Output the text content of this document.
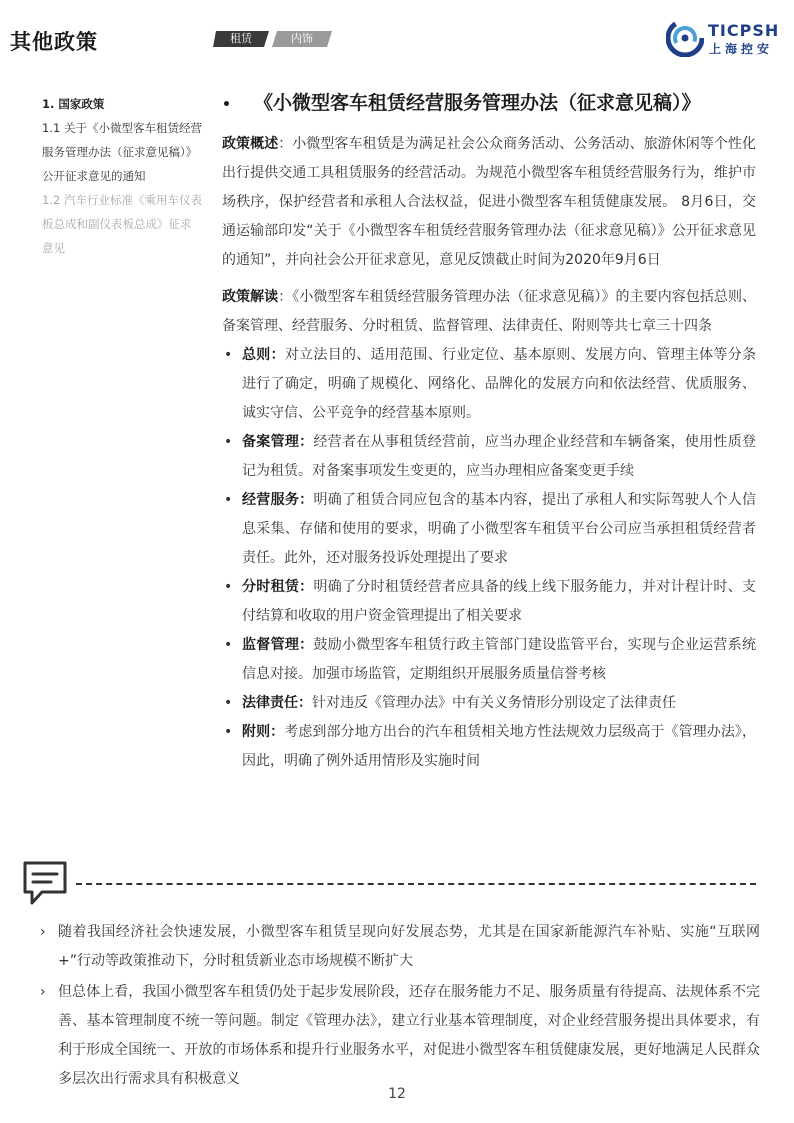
其他政策	租赁	内饰	TICPSH
上海控安
1. 国家政策
1.1 关于《小微型客车租赁经营服务管理办法（征求意见稿）》公开征求意见的通知
1.2 汽车行业标准《乘用车仪表板总成和副仪表板总成》征求意见
• 《小微型客车租赁经营服务管理办法（征求意见稿）》
政策概述：小微型客车租赁是为满足社会公众商务活动、公务活动、旅游休闲等个性化出行提供交通工具租赁服务的经营活动。为规范小微型客车租赁经营服务行为，维护市场秩序，保护经营者和承租人合法权益，促进小微型客车租赁健康发展。 8月6日，交通运输部印发“关于《小微型客车租赁经营服务管理办法（征求意见稿）》公开征求意见的通知”，并向社会公开征求意见，意见反馈截止时间为2020年9月6日
政策解读：《小微型客车租赁经营服务管理办法（征求意见稿）》的主要内容包括总则、备案管理、经营服务、分时租赁、监督管理、法律责任、附则等共七章三十四条
• 总则：对立法目的、适用范围、行业定位、基本原则、发展方向、管理主体等分条进行了确定，明确了规模化、网络化、品牌化的发展方向和依法经营、优质服务、诚实守信、公平竞争的经营基本原则。
• 备案管理：经营者在从事租赁经营前，应当办理企业经营和车辆备案，使用性质登记为租赁。对备案事项发生变更的，应当办理相应备案变更手续
• 经营服务：明确了租赁合同应包含的基本内容，提出了承租人和实际驾驶人个人信息采集、存储和使用的要求，明确了小微型客车租赁平台公司应当承担租赁经营者责任。此外，还对服务投诉处理提出了要求
• 分时租赁：明确了分时租赁经营者应具备的线上线下服务能力，并对计程计时、支付结算和收取的用户资金管理提出了相关要求
• 监督管理：鼓励小微型客车租赁行政主管部门建设监管平台，实现与企业运营系统信息对接。加强市场监管，定期组织开展服务质量信誉考核
• 法律责任：针对违反《管理办法》中有关义务情形分别设定了法律责任
• 附则：考虑到部分地方出台的汽车租赁相关地方性法规效力层级高于《管理办法》，因此，明确了例外适用情形及实施时间
› 随着我国经济社会快速发展，小微型客车租赁呈现向好发展态势，尤其是在国家新能源汽车补贴、实施“互联网+”行动等政策推动下，分时租赁新业态市场规模不断扩大
› 但总体上看，我国小微型客车租赁仍处于起步发展阶段，还存在服务能力不足、服务质量有待提高、法规体系不完善、基本管理制度不统一等问题。制定《管理办法》，建立行业基本管理制度，对企业经营服务提出具体要求，有利于形成全国统一、开放的市场体系和提升行业服务水平，对促进小微型客车租赁健康发展，更好地满足人民群众多层次出行需求具有积极意义
12
